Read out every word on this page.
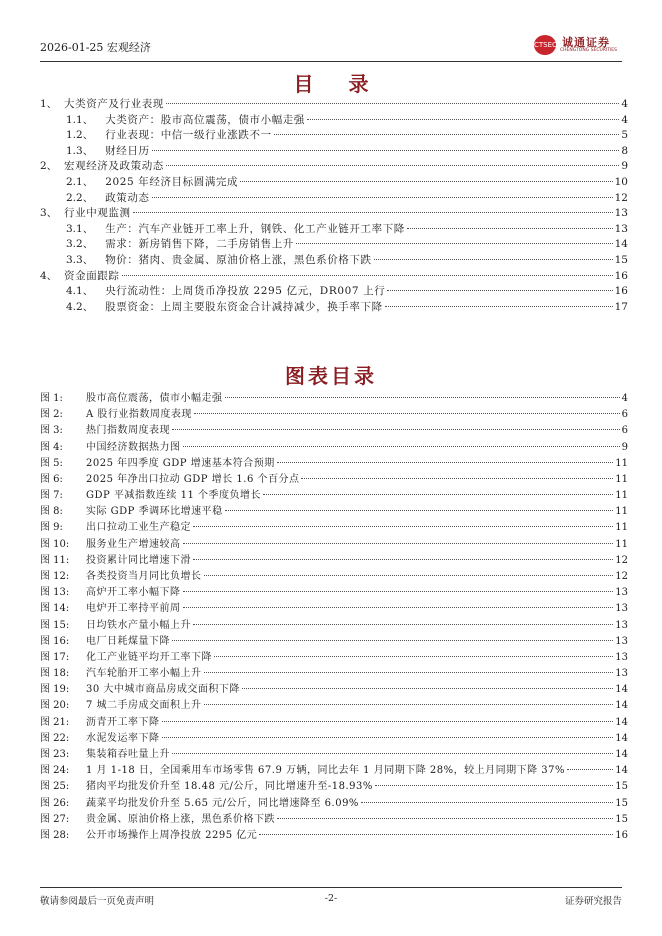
2026-01-25 宏观经济	CTSEC 诚通证券
CHENGTONG SECURITIES
目 录
1、 大类资产及行业表现	4
1.1、 大类资产：股市高位震荡，债市小幅走强	4
1.2、 行业表现：中信一级行业涨跌不一	5
1.3、 财经日历	8
2、 宏观经济及政策动态	9
2.1、 2025 年经济目标圆满完成	10
2.2、 政策动态	12
3、 行业中观监测	13
3.1、 生产：汽车产业链开工率上升，钢铁、化工产业链开工率下降	13
3.2、 需求：新房销售下降，二手房销售上升	14
3.3、 物价：猪肉、贵金属、原油价格上涨，黑色系价格下跌	15
4、 资金面跟踪	16
4.1、 央行流动性：上周货币净投放 2295 亿元，DR007 上行	16
4.2、 股票资金：上周主要股东资金合计减持减少，换手率下降	17
图表目录
图 1:	股市高位震荡，债市小幅走强	4
图 2:	A 股行业指数周度表现	6
图 3:	热门指数周度表现	6
图 4:	中国经济数据热力图	9
图 5:	2025 年四季度 GDP 增速基本符合预期	11
图 6:	2025 年净出口拉动 GDP 增长 1.6 个百分点	11
图 7:	GDP 平减指数连续 11 个季度负增长	11
图 8:	实际 GDP 季调环比增速平稳	11
图 9:	出口拉动工业生产稳定	11
图 10:	服务业生产增速较高	11
图 11:	投资累计同比增速下滑	12
图 12:	各类投资当月同比负增长	12
图 13:	高炉开工率小幅下降	13
图 14:	电炉开工率持平前周	13
图 15:	日均铁水产量小幅上升	13
图 16:	电厂日耗煤量下降	13
图 17:	化工产业链平均开工率下降	13
图 18:	汽车轮胎开工率小幅上升	13
图 19:	30 大中城市商品房成交面积下降	14
图 20:	7 城二手房成交面积上升	14
图 21:	沥青开工率下降	14
图 22:	水泥发运率下降	14
图 23:	集装箱吞吐量上升	14
图 24:	1 月 1-18 日，全国乘用车市场零售 67.9 万辆，同比去年 1 月同期下降 28%，较上月同期下降 37%	14
图 25:	猪肉平均批发价升至 18.48 元/公斤，同比增速升至-18.93%	15
图 26:	蔬菜平均批发价升至 5.65 元/公斤，同比增速降至 6.09%	15
图 27:	贵金属、原油价格上涨，黑色系价格下跌	15
图 28:	公开市场操作上周净投放 2295 亿元	16
敬请参阅最后一页免责声明	-2-	证券研究报告
